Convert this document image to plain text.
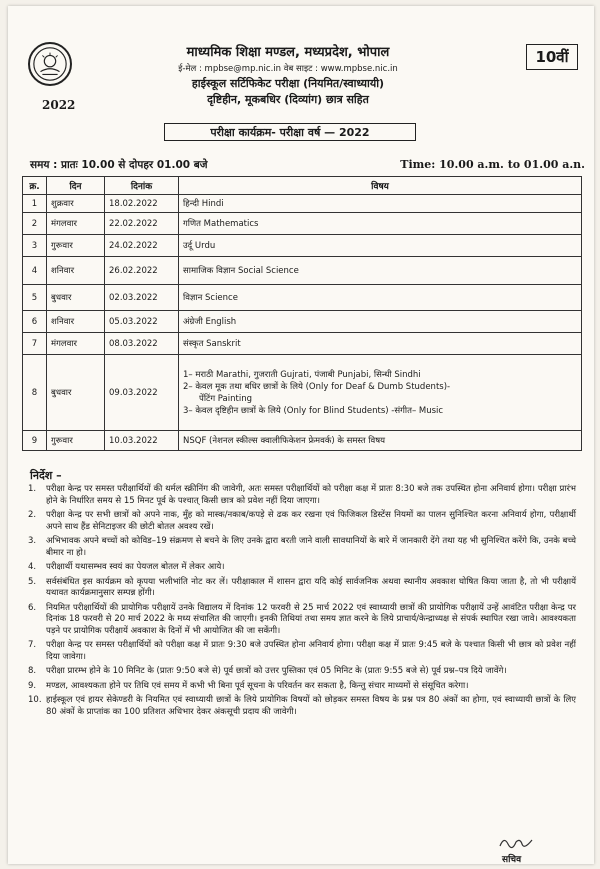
माध्यमिक शिक्षा मण्डल, मध्यप्रदेश, भोपाल
ई-मेल : mpbse@mp.nic.in वेब साइट : www.mpbse.nic.in
हाईस्कूल सर्टिफिकेट परीक्षा (नियमित/स्वाध्यायी)
दृष्टिहीन, मूकबधिर (दिव्यांग) छात्र सहित
10वीं
2022
परीक्षा कार्यक्रम- परीक्षा वर्ष — 2022
समय : प्रातः 10.00 से दोपहर 01.00 बजे	Time: 10.00 a.m. to 01.00 a.n.
क्र.	दिन	दिनांक	विषय
1	शुक्रवार	18.02.2022	हिन्दी Hindi

2	मंगलवार	22.02.2022	गणित Mathematics

3	गुरूवार	24.02.2022	उर्दू Urdu

4	शनिवार	26.02.2022	सामाजिक विज्ञान Social Science

5	बुधवार	02.03.2022	विज्ञान Science

6	शनिवार	05.03.2022	अंग्रेजी English

7	मंगलवार	08.03.2022	संस्कृत Sanskrit

8	बुधवार	09.03.2022	1– मराठी Marathi, गुजराती Gujrati, पंजाबी Punjabi, सिन्धी Sindhi
2– केवल मूक तथा बधिर छात्रों के लिये (Only for Deaf & Dumb Students)-
पेंटिंग Painting
3– केवल दृष्टिहीन छात्रों के लिये (Only for Blind Students) -संगीत– Music

9	गुरूवार	10.03.2022	NSQF (नेशनल स्कील्स क्वालीफिकेशन फ्रेमवर्क) के समस्त विषय
निर्देश –
1.	परीक्षा केन्द्र पर समस्त परीक्षार्थियों की थर्मल स्क्रीनिंग की जावेगी, अतः समस्त परीक्षार्थियों को परीक्षा कक्ष में प्रातः 8:30 बजे तक उपस्थित होना अनिवार्य होगा। परीक्षा प्रारंभ होने के निर्धारित समय से 15 मिनट पूर्व के पश्चात् किसी छात्र को प्रवेश नहीं दिया जाएगा।
2.	परीक्षा केन्द्र पर सभी छात्रों को अपने नाक, मुँह को मास्क/नकाब/कपड़े से ढक कर रखना एवं फिजिकल डिस्टेंस नियमों का पालन सुनिश्चित करना अनिवार्य होगा, परीक्षार्थी अपने साथ हैंड सेनिटाइजर की छोटी बोतल अवश्य रखें।
3.	अभिभावक अपने बच्चों को कोविड–19 संक्रमण से बचने के लिए उनके द्वारा बरती जाने वाली सावधानियों के बारे में जानकारी देंगे तथा यह भी सुनिश्चित करेंगे कि, उनके बच्चे बीमार ना हो।
4.	परीक्षार्थी यथासम्भव स्वयं का पेयजल बोतल में लेकर आये।
5.	सर्वसंबंधित इस कार्यक्रम को कृपया भलीभांति नोट कर लें। परीक्षाकाल में शासन द्वारा यदि कोई सार्वजनिक अथवा स्थानीय अवकाश घोषित किया जाता है, तो भी परीक्षायें यथावत कार्यक्रमानुसार सम्पन्न होंगी।
6.	नियमित परीक्षार्थियों की प्रायोगिक परीक्षायें उनके विद्यालय में दिनांक 12 फरवरी से 25 मार्च 2022 एवं स्वाध्यायी छात्रों की प्रायोगिक परीक्षायें उन्हें आवंटित परीक्षा केन्द्र पर दिनांक 18 फरवरी से 20 मार्च 2022 के मध्य संचालित की जाएगी। इनकी तिथियां तथा समय ज्ञात करने के लिये प्राचार्य/केन्द्राध्यक्ष से संपर्क स्थापित रखा जावे। आवश्यकता पड़ने पर प्रायोगिक परीक्षायें अवकाश के दिनों में भी आयोजित की जा सकेंगी।
7.	परीक्षा केन्द्र पर समस्त परीक्षार्थियों को परीक्षा कक्ष में प्रातः 9:30 बजे उपस्थित होना अनिवार्य होगा। परीक्षा कक्ष में प्रातः 9:45 बजे के पश्चात किसी भी छात्र को प्रवेश नहीं दिया जावेगा।
8.	परीक्षा प्रारम्भ होने के 10 मिनिट के (प्रातः 9:50 बजे से) पूर्व छात्रों को उत्तर पुस्तिका एवं 05 मिनिट के (प्रातः 9:55 बजे से) पूर्व प्रश्न–पत्र दिये जावेंगे।
9.	मण्डल, आवश्यकता होने पर तिथि एवं समय में कभी भी बिना पूर्व सूचना के परिवर्तन कर सकता है, किन्तु संचार माध्यमों से संसूचित करेगा।
10. हाईस्कूल एवं हायर सेकेण्डरी के नियमित एवं स्वाध्यायी छात्रों के लिये प्रायोगिक विषयों को छोड़कर समस्त विषय के प्रश्न पत्र 80 अंकों का होगा, एवं स्वाध्यायी छात्रों के लिए 80 अंकों के प्राप्तांक का 100 प्रतिशत अधिभार देकर अंकसूची प्रदाय की जावेगी।
सचिव
